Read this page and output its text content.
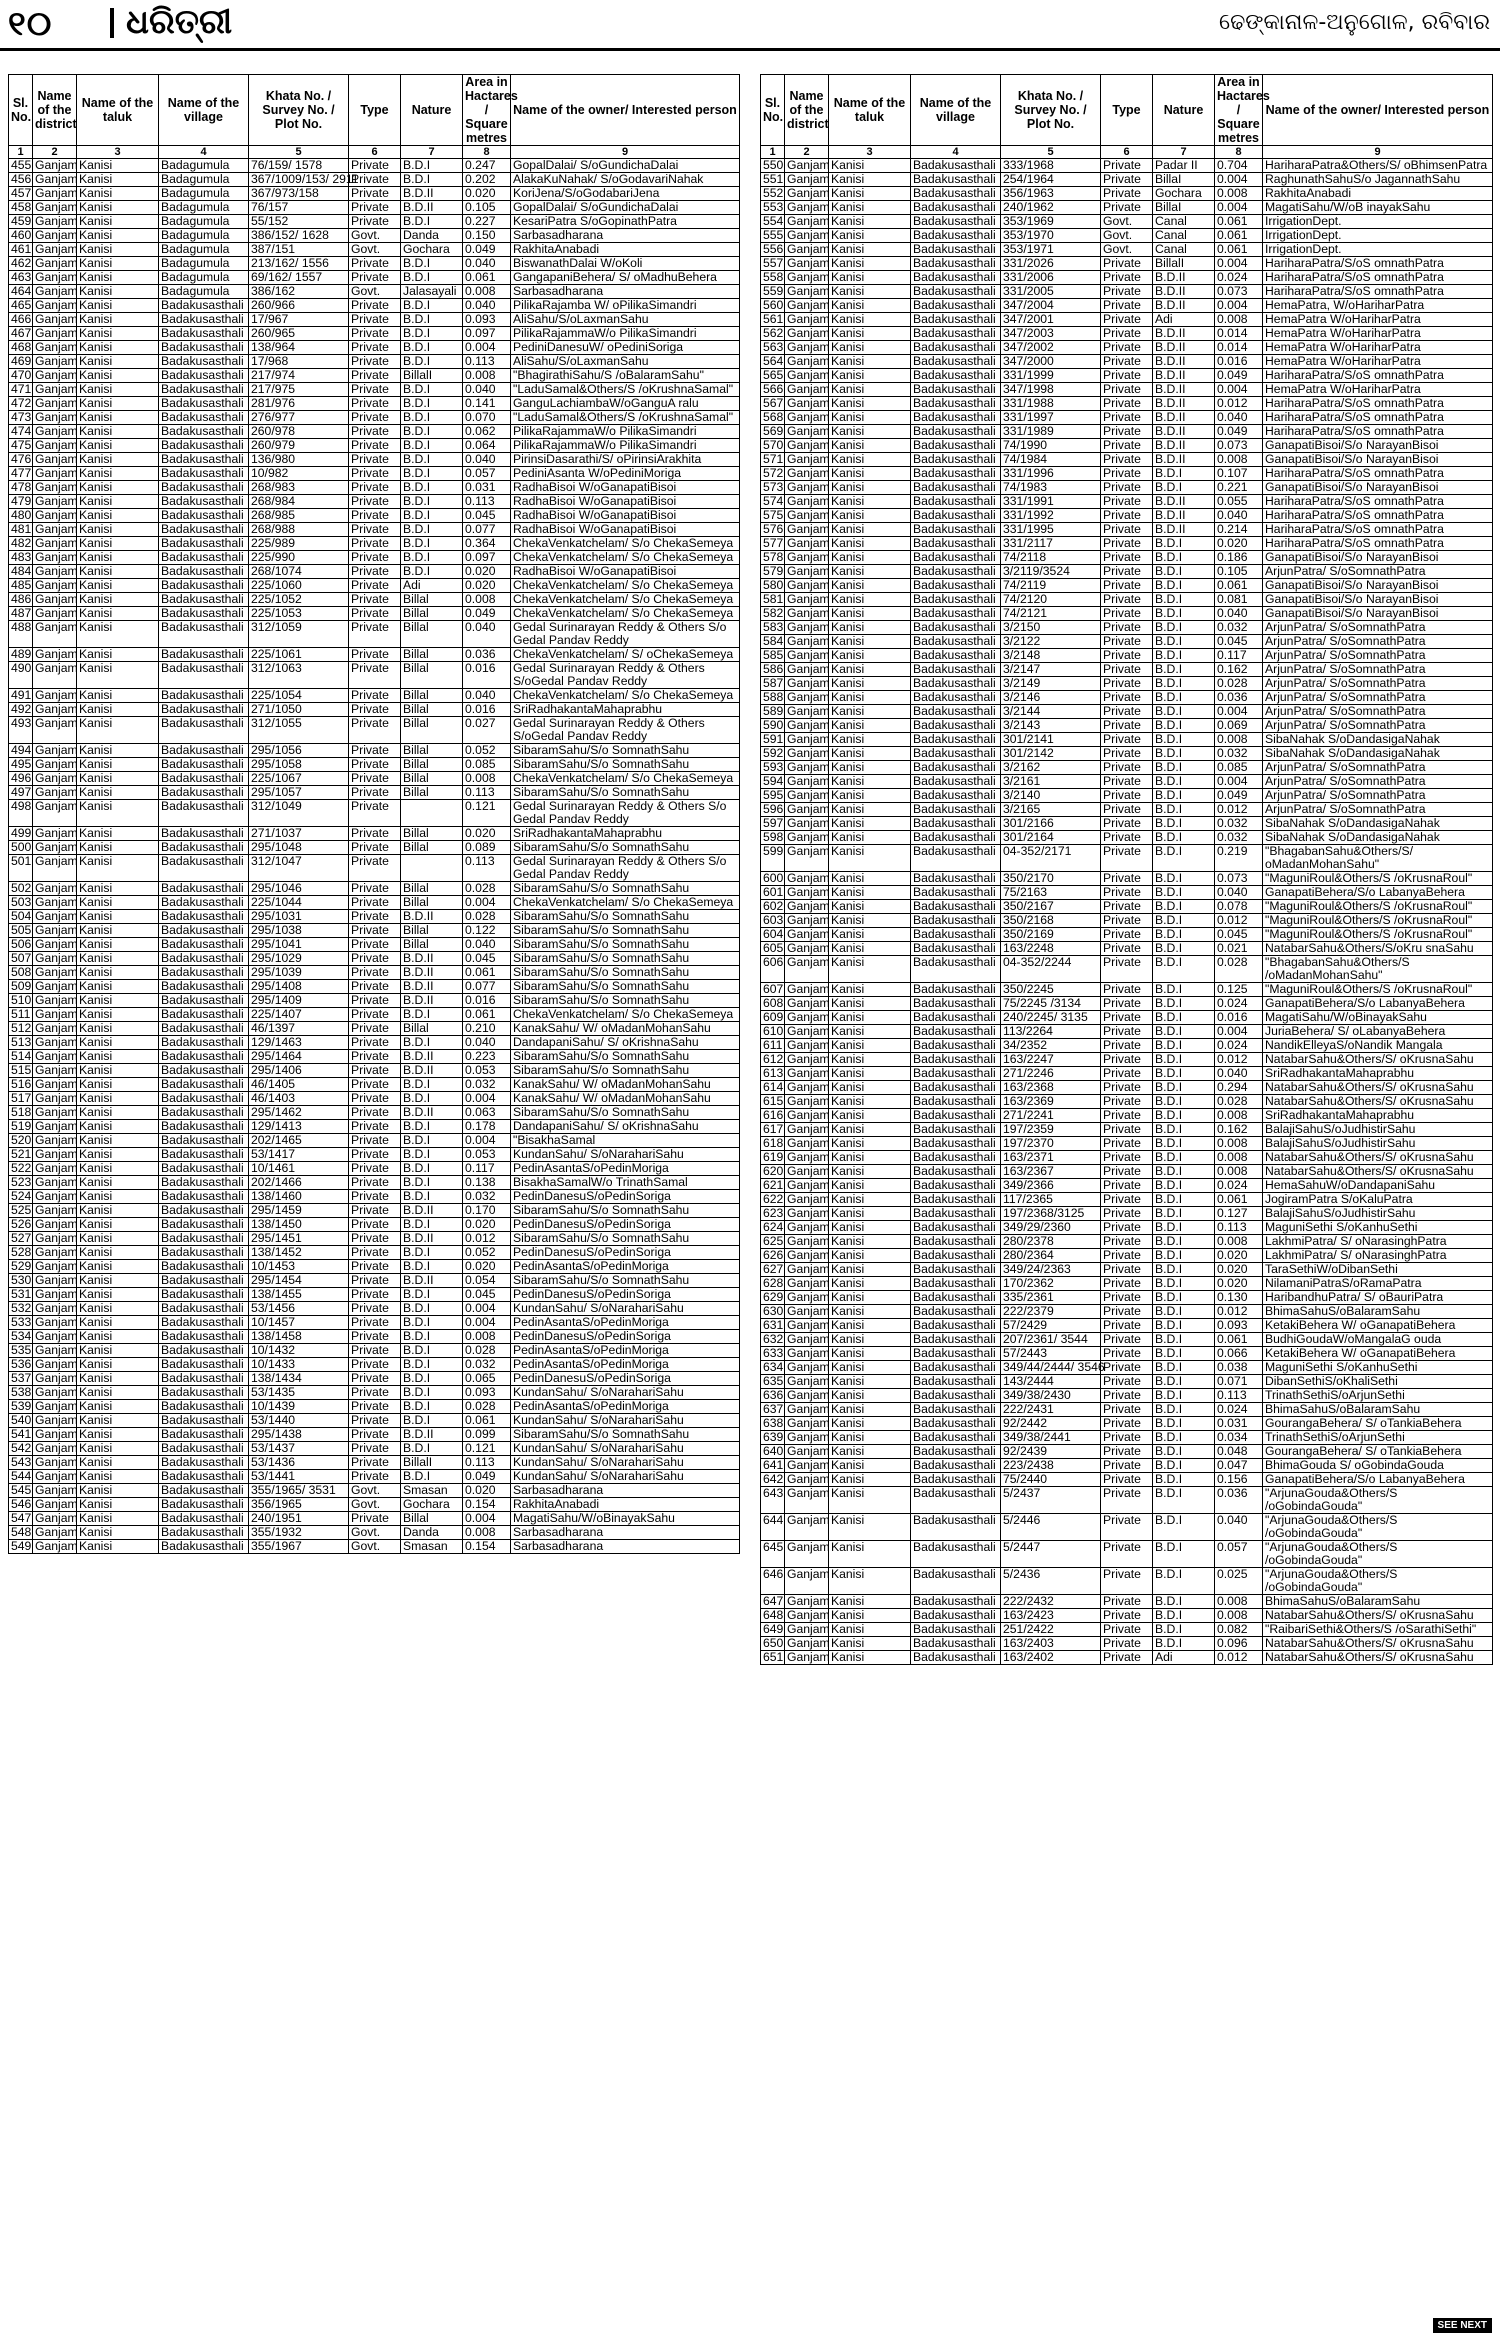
୧୦ ଧରିତ୍ରୀ	ଢେଙ୍କାନାଳ-ଅନୁଗୋଳ, ରବିବାର
Sl. No.	Name of the district	Name of the taluk	Name of the village	Khata No. / Survey No. / Plot No.	Type	Nature	Area in Hactares / Square metres	Name of the owner/ Interested person
1	2	3	4	5	6	7	8	9
455	Ganjam	Kanisi	Badagumula	76/159/ 1578	Private	B.D.I	0.247	GopalDalai/ S/oGundichaDalai
456	Ganjam	Kanisi	Badagumula	367/1009/153/ 2911	Private	B.D.I	0.202	AlakaKuNahak/ S/oGodavariNahak
457	Ganjam	Kanisi	Badagumula	367/973/158	Private	B.D.II	0.020	KoriJena/S/oGodabariJena
458	Ganjam	Kanisi	Badagumula	76/157	Private	B.D.II	0.105	GopalDalai/ S/oGundichaDalai
459	Ganjam	Kanisi	Badagumula	55/152	Private	B.D.I	0.227	KesariPatra S/oGopinathPatra
460	Ganjam	Kanisi	Badagumula	386/152/ 1628	Govt.	Danda	0.150	Sarbasadharana
461	Ganjam	Kanisi	Badagumula	387/151	Govt.	Gochara	0.049	RakhitaAnabadi
462	Ganjam	Kanisi	Badagumula	213/162/ 1556	Private	B.D.I	0.040	BiswanathDalai W/oKoli
463	Ganjam	Kanisi	Badagumula	69/162/ 1557	Private	B.D.I	0.061	GangapaniBehera/ S/ oMadhuBehera
464	Ganjam	Kanisi	Badagumula	386/162	Govt.	Jalasayali	0.008	Sarbasadharana
465	Ganjam	Kanisi	Badakusasthali	260/966	Private	B.D.I	0.040	PilikaRajamba W/ oPilikaSimandri
466	Ganjam	Kanisi	Badakusasthali	17/967	Private	B.D.I	0.093	AliSahu/S/oLaxmanSahu
467	Ganjam	Kanisi	Badakusasthali	260/965	Private	B.D.I	0.097	PilikaRajammaW/o PilikaSimandri
468	Ganjam	Kanisi	Badakusasthali	138/964	Private	B.D.I	0.004	PediniDanesuW/ oPediniSoriga
469	Ganjam	Kanisi	Badakusasthali	17/968	Private	B.D.I	0.113	AliSahu/S/oLaxmanSahu
470	Ganjam	Kanisi	Badakusasthali	217/974	Private	BillalI	0.008	"BhagirathiSahu/S /oBalaramSahu"
471	Ganjam	Kanisi	Badakusasthali	217/975	Private	B.D.I	0.040	"LaduSamal&Others/S /oKrushnaSamal"
472	Ganjam	Kanisi	Badakusasthali	281/976	Private	B.D.I	0.141	GanguLachiambaW/oGanguA ralu
473	Ganjam	Kanisi	Badakusasthali	276/977	Private	B.D.I	0.070	"LaduSamal&Others/S /oKrushnaSamal"
474	Ganjam	Kanisi	Badakusasthali	260/978	Private	B.D.I	0.062	PilikaRajammaW/o PilikaSimandri
475	Ganjam	Kanisi	Badakusasthali	260/979	Private	B.D.I	0.064	PilikaRajammaW/o PilikaSimandri
476	Ganjam	Kanisi	Badakusasthali	136/980	Private	B.D.I	0.040	PirinsiDasarathi/S/ oPirinsiArakhita
477	Ganjam	Kanisi	Badakusasthali	10/982	Private	B.D.I	0.057	PediniAsanta W/oPediniMoriga
478	Ganjam	Kanisi	Badakusasthali	268/983	Private	B.D.I	0.031	RadhaBisoi W/oGanapatiBisoi
479	Ganjam	Kanisi	Badakusasthali	268/984	Private	B.D.I	0.113	RadhaBisoi W/oGanapatiBisoi
480	Ganjam	Kanisi	Badakusasthali	268/985	Private	B.D.I	0.045	RadhaBisoi W/oGanapatiBisoi
481	Ganjam	Kanisi	Badakusasthali	268/988	Private	B.D.I	0.077	RadhaBisoi W/oGanapatiBisoi
482	Ganjam	Kanisi	Badakusasthali	225/989	Private	B.D.I	0.364	ChekaVenkatchelam/ S/o ChekaSemeya
483	Ganjam	Kanisi	Badakusasthali	225/990	Private	B.D.I	0.097	ChekaVenkatchelam/ S/o ChekaSemeya
484	Ganjam	Kanisi	Badakusasthali	268/1074	Private	B.D.I	0.020	RadhaBisoi W/oGanapatiBisoi
485	Ganjam	Kanisi	Badakusasthali	225/1060	Private	Adi	0.020	ChekaVenkatchelam/ S/o ChekaSemeya
486	Ganjam	Kanisi	Badakusasthali	225/1052	Private	Billal	0.008	ChekaVenkatchelam/ S/o ChekaSemeya
487	Ganjam	Kanisi	Badakusasthali	225/1053	Private	Billal	0.049	ChekaVenkatchelam/ S/o ChekaSemeya
488	Ganjam	Kanisi	Badakusasthali	312/1059	Private	Billal	0.040	Gedal Surinarayan Reddy & Others S/o Gedal Pandav Reddy
489	Ganjam	Kanisi	Badakusasthali	225/1061	Private	Billal	0.036	ChekaVenkatchelam/ S/ oChekaSemeya
490	Ganjam	Kanisi	Badakusasthali	312/1063	Private	Billal	0.016	Gedal Surinarayan Reddy & Others S/oGedal Pandav Reddy
491	Ganjam	Kanisi	Badakusasthali	225/1054	Private	Billal	0.040	ChekaVenkatchelam/ S/o ChekaSemeya
492	Ganjam	Kanisi	Badakusasthali	271/1050	Private	Billal	0.016	SriRadhakantaMahaprabhu
493	Ganjam	Kanisi	Badakusasthali	312/1055	Private	Billal	0.027	Gedal Surinarayan Reddy & Others S/oGedal Pandav Reddy
494	Ganjam	Kanisi	Badakusasthali	295/1056	Private	Billal	0.052	SibaramSahu/S/o SomnathSahu
495	Ganjam	Kanisi	Badakusasthali	295/1058	Private	Billal	0.085	SibaramSahu/S/o SomnathSahu
496	Ganjam	Kanisi	Badakusasthali	225/1067	Private	Billal	0.008	ChekaVenkatchelam/ S/o ChekaSemeya
497	Ganjam	Kanisi	Badakusasthali	295/1057	Private	Billal	0.113	SibaramSahu/S/o SomnathSahu
498	Ganjam	Kanisi	Badakusasthali	312/1049	Private		0.121	Gedal Surinarayan Reddy & Others S/o Gedal Pandav Reddy
499	Ganjam	Kanisi	Badakusasthali	271/1037	Private	Billal	0.020	SriRadhakantaMahaprabhu
500	Ganjam	Kanisi	Badakusasthali	295/1048	Private	Billal	0.089	SibaramSahu/S/o SomnathSahu
501	Ganjam	Kanisi	Badakusasthali	312/1047	Private		0.113	Gedal Surinarayan Reddy & Others S/o Gedal Pandav Reddy
502	Ganjam	Kanisi	Badakusasthali	295/1046	Private	Billal	0.028	SibaramSahu/S/o SomnathSahu
503	Ganjam	Kanisi	Badakusasthali	225/1044	Private	Billal	0.004	ChekaVenkatchelam/ S/o ChekaSemeya
504	Ganjam	Kanisi	Badakusasthali	295/1031	Private	B.D.II	0.028	SibaramSahu/S/o SomnathSahu
505	Ganjam	Kanisi	Badakusasthali	295/1038	Private	Billal	0.122	SibaramSahu/S/o SomnathSahu
506	Ganjam	Kanisi	Badakusasthali	295/1041	Private	Billal	0.040	SibaramSahu/S/o SomnathSahu
507	Ganjam	Kanisi	Badakusasthali	295/1029	Private	B.D.II	0.045	SibaramSahu/S/o SomnathSahu
508	Ganjam	Kanisi	Badakusasthali	295/1039	Private	B.D.II	0.061	SibaramSahu/S/o SomnathSahu
509	Ganjam	Kanisi	Badakusasthali	295/1408	Private	B.D.II	0.077	SibaramSahu/S/o SomnathSahu
510	Ganjam	Kanisi	Badakusasthali	295/1409	Private	B.D.II	0.016	SibaramSahu/S/o SomnathSahu
511	Ganjam	Kanisi	Badakusasthali	225/1407	Private	B.D.I	0.061	ChekaVenkatchelam/ S/o ChekaSemeya
512	Ganjam	Kanisi	Badakusasthali	46/1397	Private	Billal	0.210	KanakSahu/ W/ oMadanMohanSahu
513	Ganjam	Kanisi	Badakusasthali	129/1463	Private	B.D.I	0.040	DandapaniSahu/ S/ oKrishnaSahu
514	Ganjam	Kanisi	Badakusasthali	295/1464	Private	B.D.II	0.223	SibaramSahu/S/o SomnathSahu
515	Ganjam	Kanisi	Badakusasthali	295/1406	Private	B.D.II	0.053	SibaramSahu/S/o SomnathSahu
516	Ganjam	Kanisi	Badakusasthali	46/1405	Private	B.D.I	0.032	KanakSahu/ W/ oMadanMohanSahu
517	Ganjam	Kanisi	Badakusasthali	46/1403	Private	B.D.I	0.004	KanakSahu/ W/ oMadanMohanSahu
518	Ganjam	Kanisi	Badakusasthali	295/1462	Private	B.D.II	0.063	SibaramSahu/S/o SomnathSahu
519	Ganjam	Kanisi	Badakusasthali	129/1413	Private	B.D.I	0.178	DandapaniSahu/ S/ oKrishnaSahu
520	Ganjam	Kanisi	Badakusasthali	202/1465	Private	B.D.I	0.004	"BisakhaSamal
521	Ganjam	Kanisi	Badakusasthali	53/1417	Private	B.D.I	0.053	KundanSahu/ S/oNarahariSahu
522	Ganjam	Kanisi	Badakusasthali	10/1461	Private	B.D.I	0.117	PedinAsantaS/oPedinMoriga
523	Ganjam	Kanisi	Badakusasthali	202/1466	Private	B.D.I	0.138	BisakhaSamalW/o TrinathSamal
524	Ganjam	Kanisi	Badakusasthali	138/1460	Private	B.D.I	0.032	PedinDanesuS/oPedinSoriga
525	Ganjam	Kanisi	Badakusasthali	295/1459	Private	B.D.II	0.170	SibaramSahu/S/o SomnathSahu
526	Ganjam	Kanisi	Badakusasthali	138/1450	Private	B.D.I	0.020	PedinDanesuS/oPedinSoriga
527	Ganjam	Kanisi	Badakusasthali	295/1451	Private	B.D.II	0.012	SibaramSahu/S/o SomnathSahu
528	Ganjam	Kanisi	Badakusasthali	138/1452	Private	B.D.I	0.052	PedinDanesuS/oPedinSoriga
529	Ganjam	Kanisi	Badakusasthali	10/1453	Private	B.D.I	0.020	PedinAsantaS/oPedinMoriga
530	Ganjam	Kanisi	Badakusasthali	295/1454	Private	B.D.II	0.054	SibaramSahu/S/o SomnathSahu
531	Ganjam	Kanisi	Badakusasthali	138/1455	Private	B.D.I	0.045	PedinDanesuS/oPedinSoriga
532	Ganjam	Kanisi	Badakusasthali	53/1456	Private	B.D.I	0.004	KundanSahu/ S/oNarahariSahu
533	Ganjam	Kanisi	Badakusasthali	10/1457	Private	B.D.I	0.004	PedinAsantaS/oPedinMoriga
534	Ganjam	Kanisi	Badakusasthali	138/1458	Private	B.D.I	0.008	PedinDanesuS/oPedinSoriga
535	Ganjam	Kanisi	Badakusasthali	10/1432	Private	B.D.I	0.028	PedinAsantaS/oPedinMoriga
536	Ganjam	Kanisi	Badakusasthali	10/1433	Private	B.D.I	0.032	PedinAsantaS/oPedinMoriga
537	Ganjam	Kanisi	Badakusasthali	138/1434	Private	B.D.I	0.065	PedinDanesuS/oPedinSoriga
538	Ganjam	Kanisi	Badakusasthali	53/1435	Private	B.D.I	0.093	KundanSahu/ S/oNarahariSahu
539	Ganjam	Kanisi	Badakusasthali	10/1439	Private	B.D.I	0.028	PedinAsantaS/oPedinMoriga
540	Ganjam	Kanisi	Badakusasthali	53/1440	Private	B.D.I	0.061	KundanSahu/ S/oNarahariSahu
541	Ganjam	Kanisi	Badakusasthali	295/1438	Private	B.D.II	0.099	SibaramSahu/S/o SomnathSahu
542	Ganjam	Kanisi	Badakusasthali	53/1437	Private	B.D.I	0.121	KundanSahu/ S/oNarahariSahu
543	Ganjam	Kanisi	Badakusasthali	53/1436	Private	BillalI	0.113	KundanSahu/ S/oNarahariSahu
544	Ganjam	Kanisi	Badakusasthali	53/1441	Private	B.D.I	0.049	KundanSahu/ S/oNarahariSahu
545	Ganjam	Kanisi	Badakusasthali	355/1965/ 3531	Govt.	Smasan	0.020	Sarbasadharana
546	Ganjam	Kanisi	Badakusasthali	356/1965	Govt.	Gochara	0.154	RakhitaAnabadi
547	Ganjam	Kanisi	Badakusasthali	240/1951	Private	Billal	0.004	MagatiSahu/W/oBinayakSahu
548	Ganjam	Kanisi	Badakusasthali	355/1932	Govt.	Danda	0.008	Sarbasadharana
549	Ganjam	Kanisi	Badakusasthali	355/1967	Govt.	Smasan	0.154	Sarbasadharana
Sl. No.	Name of the district	Name of the taluk	Name of the village	Khata No. / Survey No. / Plot No.	Type	Nature	Area in Hactares / Square metres	Name of the owner/ Interested person
1	2	3	4	5	6	7	8	9
550	Ganjam	Kanisi	Badakusasthali	333/1968	Private	Padar II	0.704	HariharaPatra&Others/S/ oBhimsenPatra
551	Ganjam	Kanisi	Badakusasthali	254/1964	Private	BillaI	0.004	RaghunathSahuS/o JagannathSahu
552	Ganjam	Kanisi	Badakusasthali	356/1963	Private	Gochara	0.008	RakhitaAnabadi
553	Ganjam	Kanisi	Badakusasthali	240/1962	Private	BillaI	0.004	MagatiSahu/W/oB inayakSahu
554	Ganjam	Kanisi	Badakusasthali	353/1969	Govt.	Canal	0.061	IrrigationDept.
555	Ganjam	Kanisi	Badakusasthali	353/1970	Govt.	Canal	0.061	IrrigationDept.
556	Ganjam	Kanisi	Badakusasthali	353/1971	Govt.	Canal	0.061	IrrigationDept.
557	Ganjam	Kanisi	Badakusasthali	331/2026	Private	BillalI	0.004	HariharaPatra/S/oS omnathPatra
558	Ganjam	Kanisi	Badakusasthali	331/2006	Private	B.D.II	0.024	HariharaPatra/S/oS omnathPatra
559	Ganjam	Kanisi	Badakusasthali	331/2005	Private	B.D.II	0.073	HariharaPatra/S/oS omnathPatra
560	Ganjam	Kanisi	Badakusasthali	347/2004	Private	B.D.II	0.004	HemaPatra, W/oHariharPatra
561	Ganjam	Kanisi	Badakusasthali	347/2001	Private	Adi	0.008	HemaPatra W/oHariharPatra
562	Ganjam	Kanisi	Badakusasthali	347/2003	Private	B.D.II	0.014	HemaPatra W/oHariharPatra
563	Ganjam	Kanisi	Badakusasthali	347/2002	Private	B.D.II	0.014	HemaPatra W/oHariharPatra
564	Ganjam	Kanisi	Badakusasthali	347/2000	Private	B.D.II	0.016	HemaPatra W/oHariharPatra
565	Ganjam	Kanisi	Badakusasthali	331/1999	Private	B.D.II	0.049	HariharaPatra/S/oS omnathPatra
566	Ganjam	Kanisi	Badakusasthali	347/1998	Private	B.D.II	0.004	HemaPatra W/oHariharPatra
567	Ganjam	Kanisi	Badakusasthali	331/1988	Private	B.D.II	0.012	HariharaPatra/S/oS omnathPatra
568	Ganjam	Kanisi	Badakusasthali	331/1997	Private	B.D.II	0.040	HariharaPatra/S/oS omnathPatra
569	Ganjam	Kanisi	Badakusasthali	331/1989	Private	B.D.II	0.049	HariharaPatra/S/oS omnathPatra
570	Ganjam	Kanisi	Badakusasthali	74/1990	Private	B.D.II	0.073	GanapatiBisoi/S/o NarayanBisoi
571	Ganjam	Kanisi	Badakusasthali	74/1984	Private	B.D.II	0.008	GanapatiBisoi/S/o NarayanBisoi
572	Ganjam	Kanisi	Badakusasthali	331/1996	Private	B.D.I	0.107	HariharaPatra/S/oS omnathPatra
573	Ganjam	Kanisi	Badakusasthali	74/1983	Private	B.D.I	0.221	GanapatiBisoi/S/o NarayanBisoi
574	Ganjam	Kanisi	Badakusasthali	331/1991	Private	B.D.II	0.055	HariharaPatra/S/oS omnathPatra
575	Ganjam	Kanisi	Badakusasthali	331/1992	Private	B.D.II	0.040	HariharaPatra/S/oS omnathPatra
576	Ganjam	Kanisi	Badakusasthali	331/1995	Private	B.D.II	0.214	HariharaPatra/S/oS omnathPatra
577	Ganjam	Kanisi	Badakusasthali	331/2117	Private	B.D.I	0.020	HariharaPatra/S/oS omnathPatra
578	Ganjam	Kanisi	Badakusasthali	74/2118	Private	B.D.I	0.186	GanapatiBisoi/S/o NarayanBisoi
579	Ganjam	Kanisi	Badakusasthali	3/2119/3524	Private	B.D.I	0.105	ArjunPatra/ S/oSomnathPatra
580	Ganjam	Kanisi	Badakusasthali	74/2119	Private	B.D.I	0.061	GanapatiBisoi/S/o NarayanBisoi
581	Ganjam	Kanisi	Badakusasthali	74/2120	Private	B.D.I	0.081	GanapatiBisoi/S/o NarayanBisoi
582	Ganjam	Kanisi	Badakusasthali	74/2121	Private	B.D.I	0.040	GanapatiBisoi/S/o NarayanBisoi
583	Ganjam	Kanisi	Badakusasthali	3/2150	Private	B.D.I	0.032	ArjunPatra/ S/oSomnathPatra
584	Ganjam	Kanisi	Badakusasthali	3/2122	Private	B.D.I	0.045	ArjunPatra/ S/oSomnathPatra
585	Ganjam	Kanisi	Badakusasthali	3/2148	Private	B.D.I	0.117	ArjunPatra/ S/oSomnathPatra
586	Ganjam	Kanisi	Badakusasthali	3/2147	Private	B.D.I	0.162	ArjunPatra/ S/oSomnathPatra
587	Ganjam	Kanisi	Badakusasthali	3/2149	Private	B.D.I	0.028	ArjunPatra/ S/oSomnathPatra
588	Ganjam	Kanisi	Badakusasthali	3/2146	Private	B.D.I	0.036	ArjunPatra/ S/oSomnathPatra
589	Ganjam	Kanisi	Badakusasthali	3/2144	Private	B.D.I	0.004	ArjunPatra/ S/oSomnathPatra
590	Ganjam	Kanisi	Badakusasthali	3/2143	Private	B.D.I	0.069	ArjunPatra/ S/oSomnathPatra
591	Ganjam	Kanisi	Badakusasthali	301/2141	Private	B.D.I	0.008	SibaNahak S/oDandasigaNahak
592	Ganjam	Kanisi	Badakusasthali	301/2142	Private	B.D.I	0.032	SibaNahak S/oDandasigaNahak
593	Ganjam	Kanisi	Badakusasthali	3/2162	Private	B.D.I	0.085	ArjunPatra/ S/oSomnathPatra
594	Ganjam	Kanisi	Badakusasthali	3/2161	Private	B.D.I	0.004	ArjunPatra/ S/oSomnathPatra
595	Ganjam	Kanisi	Badakusasthali	3/2140	Private	B.D.I	0.049	ArjunPatra/ S/oSomnathPatra
596	Ganjam	Kanisi	Badakusasthali	3/2165	Private	B.D.I	0.012	ArjunPatra/ S/oSomnathPatra
597	Ganjam	Kanisi	Badakusasthali	301/2166	Private	B.D.I	0.032	SibaNahak S/oDandasigaNahak
598	Ganjam	Kanisi	Badakusasthali	301/2164	Private	B.D.I	0.032	SibaNahak S/oDandasigaNahak
599	Ganjam	Kanisi	Badakusasthali	04-352/2171	Private	B.D.I	0.219	"BhagabanSahu&Others/S/ oMadanMohanSahu"
600	Ganjam	Kanisi	Badakusasthali	350/2170	Private	B.D.I	0.073	"MaguniRoul&Others/S /oKrusnaRoul"
601	Ganjam	Kanisi	Badakusasthali	75/2163	Private	B.D.I	0.040	GanapatiBehera/S/o LabanyaBehera
602	Ganjam	Kanisi	Badakusasthali	350/2167	Private	B.D.I	0.078	"MaguniRoul&Others/S /oKrusnaRoul"
603	Ganjam	Kanisi	Badakusasthali	350/2168	Private	B.D.I	0.012	"MaguniRoul&Others/S /oKrusnaRoul"
604	Ganjam	Kanisi	Badakusasthali	350/2169	Private	B.D.I	0.045	"MaguniRoul&Others/S /oKrusnaRoul"
605	Ganjam	Kanisi	Badakusasthali	163/2248	Private	B.D.I	0.021	NatabarSahu&Others/S/oKru snaSahu
606	Ganjam	Kanisi	Badakusasthali	04-352/2244	Private	B.D.I	0.028	"BhagabanSahu&Others/S /oMadanMohanSahu"
607	Ganjam	Kanisi	Badakusasthali	350/2245	Private	B.D.I	0.125	"MaguniRoul&Others/S /oKrusnaRoul"
608	Ganjam	Kanisi	Badakusasthali	75/2245 /3134	Private	B.D.I	0.024	GanapatiBehera/S/o LabanyaBehera
609	Ganjam	Kanisi	Badakusasthali	240/2245/ 3135	Private	B.D.I	0.016	MagatiSahu/W/oBinayakSahu
610	Ganjam	Kanisi	Badakusasthali	113/2264	Private	B.D.I	0.004	JuriaBehera/ S/ oLabanyaBehera
611	Ganjam	Kanisi	Badakusasthali	34/2352	Private	B.D.I	0.024	NandikElleyaS/oNandik Mangala
612	Ganjam	Kanisi	Badakusasthali	163/2247	Private	B.D.I	0.012	NatabarSahu&Others/S/ oKrusnaSahu
613	Ganjam	Kanisi	Badakusasthali	271/2246	Private	B.D.I	0.040	SriRadhakantaMahaprabhu
614	Ganjam	Kanisi	Badakusasthali	163/2368	Private	B.D.I	0.294	NatabarSahu&Others/S/ oKrusnaSahu
615	Ganjam	Kanisi	Badakusasthali	163/2369	Private	B.D.I	0.028	NatabarSahu&Others/S/ oKrusnaSahu
616	Ganjam	Kanisi	Badakusasthali	271/2241	Private	B.D.I	0.008	SriRadhakantaMahaprabhu
617	Ganjam	Kanisi	Badakusasthali	197/2359	Private	B.D.I	0.162	BalajiSahuS/oJudhistirSahu
618	Ganjam	Kanisi	Badakusasthali	197/2370	Private	B.D.I	0.008	BalajiSahuS/oJudhistirSahu
619	Ganjam	Kanisi	Badakusasthali	163/2371	Private	B.D.I	0.008	NatabarSahu&Others/S/ oKrusnaSahu
620	Ganjam	Kanisi	Badakusasthali	163/2367	Private	B.D.I	0.008	NatabarSahu&Others/S/ oKrusnaSahu
621	Ganjam	Kanisi	Badakusasthali	349/2366	Private	B.D.I	0.024	HemaSahuW/oDandapaniSahu
622	Ganjam	Kanisi	Badakusasthali	117/2365	Private	B.D.I	0.061	JogiramPatra S/oKaluPatra
623	Ganjam	Kanisi	Badakusasthali	197/2368/3125	Private	B.D.I	0.127	BalajiSahuS/oJudhistirSahu
624	Ganjam	Kanisi	Badakusasthali	349/29/2360	Private	B.D.I	0.113	MaguniSethi S/oKanhuSethi
625	Ganjam	Kanisi	Badakusasthali	280/2378	Private	B.D.I	0.008	LakhmiPatra/ S/ oNarasinghPatra
626	Ganjam	Kanisi	Badakusasthali	280/2364	Private	B.D.I	0.020	LakhmiPatra/ S/ oNarasinghPatra
627	Ganjam	Kanisi	Badakusasthali	349/24/2363	Private	B.D.I	0.020	TaraSethiW/oDibanSethi
628	Ganjam	Kanisi	Badakusasthali	170/2362	Private	B.D.I	0.020	NilamaniPatraS/oRamaPatra
629	Ganjam	Kanisi	Badakusasthali	335/2361	Private	B.D.I	0.130	HaribandhuPatra/ S/ oBauriPatra
630	Ganjam	Kanisi	Badakusasthali	222/2379	Private	B.D.I	0.012	BhimaSahuS/oBalaramSahu
631	Ganjam	Kanisi	Badakusasthali	57/2429	Private	B.D.I	0.093	KetakiBehera W/ oGanapatiBehera
632	Ganjam	Kanisi	Badakusasthali	207/2361/ 3544	Private	B.D.I	0.061	BudhiGoudaW/oMangalaG ouda
633	Ganjam	Kanisi	Badakusasthali	57/2443	Private	B.D.I	0.066	KetakiBehera W/ oGanapatiBehera
634	Ganjam	Kanisi	Badakusasthali	349/44/2444/ 3546	Private	B.D.I	0.038	MaguniSethi S/oKanhuSethi
635	Ganjam	Kanisi	Badakusasthali	143/2444	Private	B.D.I	0.071	DibanSethiS/oKhaliSethi
636	Ganjam	Kanisi	Badakusasthali	349/38/2430	Private	B.D.I	0.113	TrinathSethiS/oArjunSethi
637	Ganjam	Kanisi	Badakusasthali	222/2431	Private	B.D.I	0.024	BhimaSahuS/oBalaramSahu
638	Ganjam	Kanisi	Badakusasthali	92/2442	Private	B.D.I	0.031	GourangaBehera/ S/ oTankiaBehera
639	Ganjam	Kanisi	Badakusasthali	349/38/2441	Private	B.D.I	0.034	TrinathSethiS/oArjunSethi
640	Ganjam	Kanisi	Badakusasthali	92/2439	Private	B.D.I	0.048	GourangaBehera/ S/ oTankiaBehera
641	Ganjam	Kanisi	Badakusasthali	223/2438	Private	B.D.I	0.047	BhimaGouda S/ oGobindaGouda
642	Ganjam	Kanisi	Badakusasthali	75/2440	Private	B.D.I	0.156	GanapatiBehera/S/o LabanyaBehera
643	Ganjam	Kanisi	Badakusasthali	5/2437	Private	B.D.I	0.036	"ArjunaGouda&Others/S /oGobindaGouda"
644	Ganjam	Kanisi	Badakusasthali	5/2446	Private	B.D.I	0.040	"ArjunaGouda&Others/S /oGobindaGouda"
645	Ganjam	Kanisi	Badakusasthali	5/2447	Private	B.D.I	0.057	"ArjunaGouda&Others/S /oGobindaGouda"
646	Ganjam	Kanisi	Badakusasthali	5/2436	Private	B.D.I	0.025	"ArjunaGouda&Others/S /oGobindaGouda"
647	Ganjam	Kanisi	Badakusasthali	222/2432	Private	B.D.I	0.008	BhimaSahuS/oBalaramSahu
648	Ganjam	Kanisi	Badakusasthali	163/2423	Private	B.D.I	0.008	NatabarSahu&Others/S/ oKrusnaSahu
649	Ganjam	Kanisi	Badakusasthali	251/2422	Private	B.D.I	0.082	"RaibariSethi&Others/S /oSarathiSethi"
650	Ganjam	Kanisi	Badakusasthali	163/2403	Private	B.D.I	0.096	NatabarSahu&Others/S/ oKrusnaSahu
651	Ganjam	Kanisi	Badakusasthali	163/2402	Private	Adi	0.012	NatabarSahu&Others/S/ oKrusnaSahu
SEE NEXT
